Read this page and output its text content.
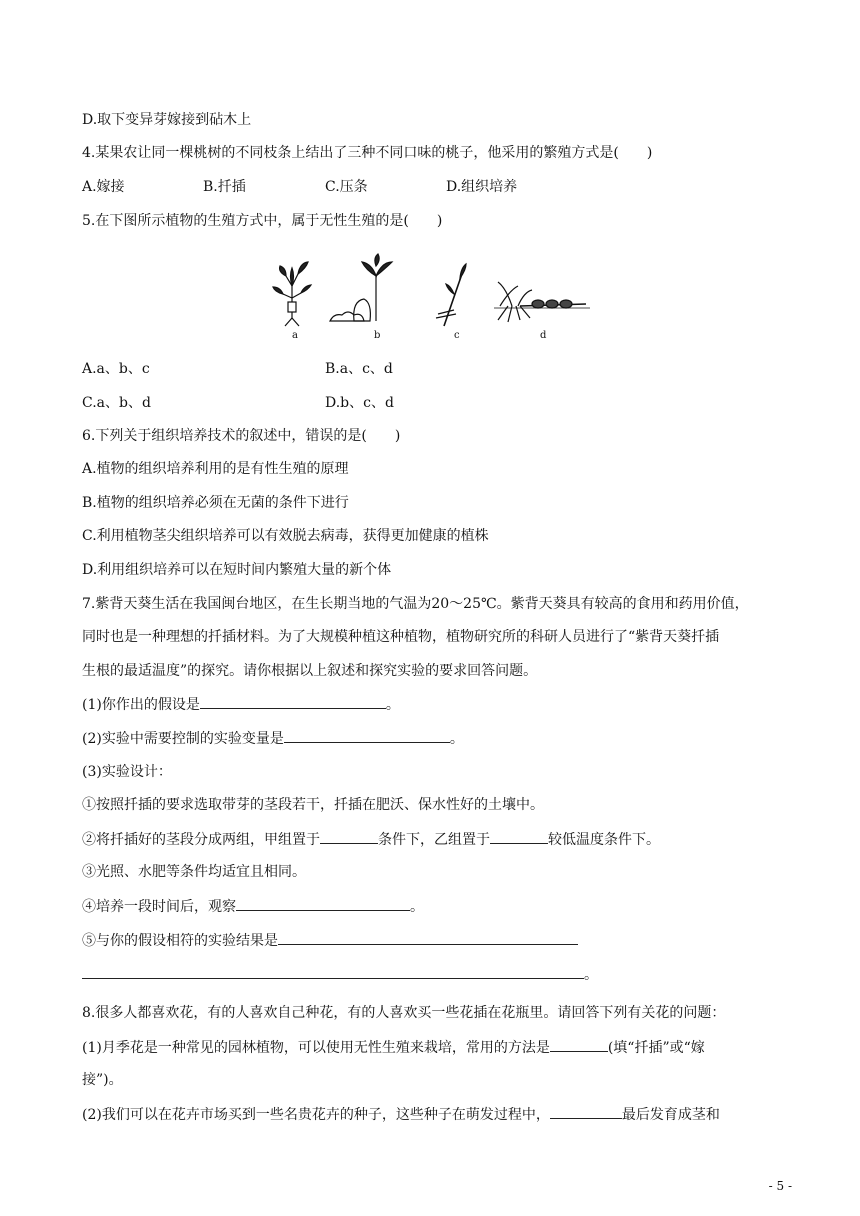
D.取下变异芽嫁接到砧木上
4.某果农让同一棵桃树的不同枝条上结出了三种不同口味的桃子，他采用的繁殖方式是(　　)
A.嫁接	B.扦插	C.压条	D.组织培养
5.在下图所示植物的生殖方式中，属于无性生殖的是(　　)
a	b	c	d
A.a、b、c	B.a、c、d
C.a、b、d	D.b、c、d
6.下列关于组织培养技术的叙述中，错误的是(　　)
A.植物的组织培养利用的是有性生殖的原理
B.植物的组织培养必须在无菌的条件下进行
C.利用植物茎尖组织培养可以有效脱去病毒，获得更加健康的植株
D.利用组织培养可以在短时间内繁殖大量的新个体
7.紫背天葵生活在我国闽台地区，在生长期当地的气温为20～25℃。紫背天葵具有较高的食用和药用价值，
同时也是一种理想的扦插材料。为了大规模种植这种植物，植物研究所的科研人员进行了“紫背天葵扦插
生根的最适温度”的探究。请你根据以上叙述和探究实验的要求回答问题。
(1)你作出的假设是	。
(2)实验中需要控制的实验变量是	。
(3)实验设计：
①按照扦插的要求选取带芽的茎段若干，扦插在肥沃、保水性好的土壤中。
②将扦插好的茎段分成两组，甲组置于	条件下，乙组置于	较低温度条件下。
③光照、水肥等条件均适宜且相同。
④培养一段时间后，观察	。
⑤与你的假设相符的实验结果是
。
8.很多人都喜欢花，有的人喜欢自己种花，有的人喜欢买一些花插在花瓶里。请回答下列有关花的问题：
(1)月季花是一种常见的园林植物，可以使用无性生殖来栽培，常用的方法是	(填“扦插”或“嫁
接”)。
(2)我们可以在花卉市场买到一些名贵花卉的种子，这些种子在萌发过程中，	最后发育成茎和
- 5 -
